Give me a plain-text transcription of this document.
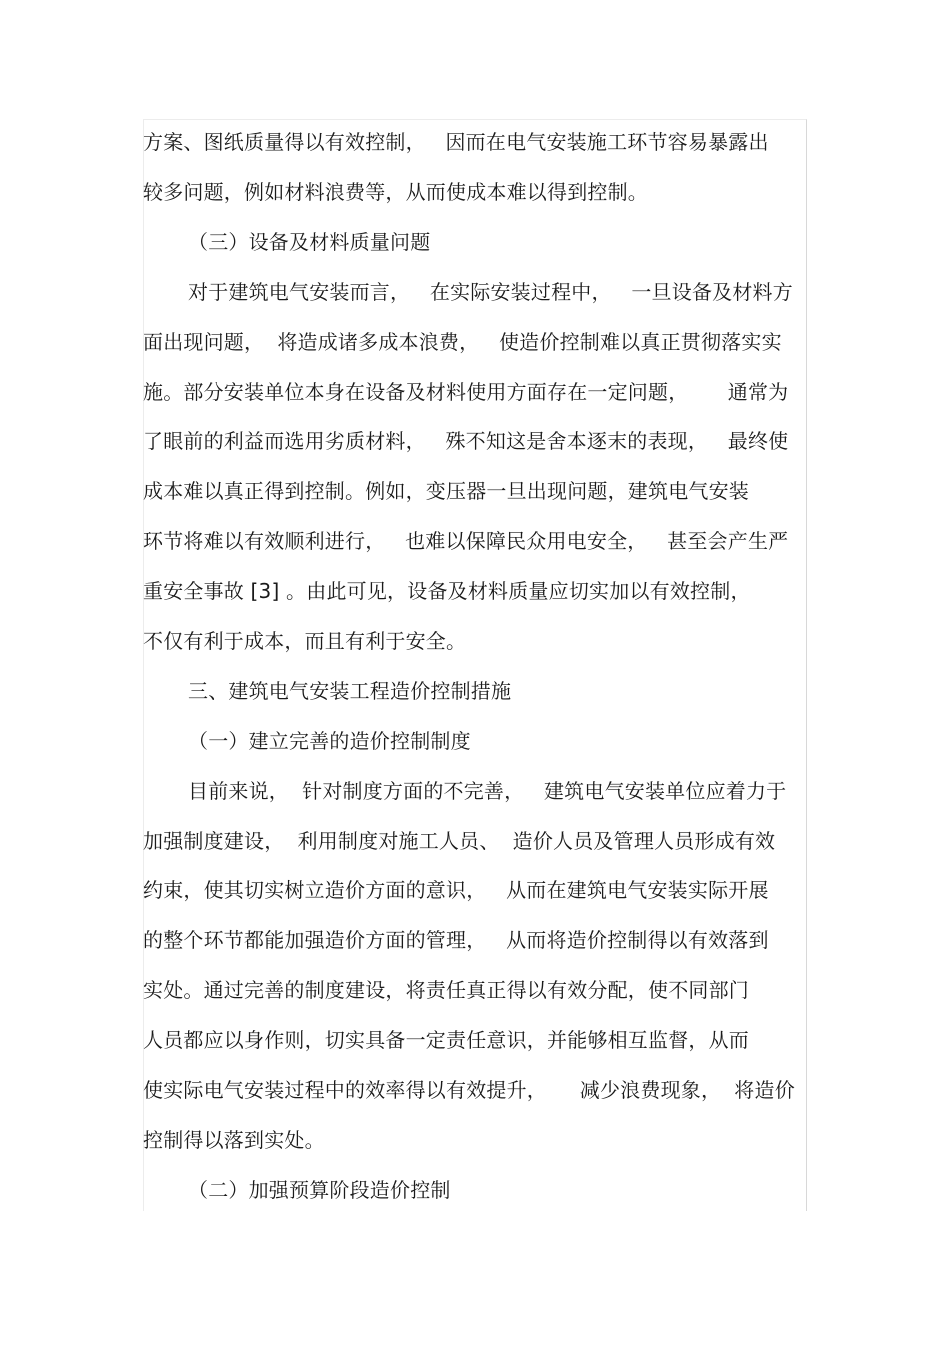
方案、图纸质量得以有效控制，   因而在电气安装施工环节容易暴露出
较多问题，例如材料浪费等，从而使成本难以得到控制。
（三）设备及材料质量问题
对于建筑电气安装而言，   在实际安装过程中，   一旦设备及材料方
面出现问题，  将造成诸多成本浪费，   使造价控制难以真正贯彻落实实
施。部分安装单位本身在设备及材料使用方面存在一定问题，      通常为
了眼前的利益而选用劣质材料，   殊不知这是舍本逐末的表现，   最终使
成本难以真正得到控制。例如，变压器一旦出现问题，建筑电气安装
环节将难以有效顺利进行，   也难以保障民众用电安全，   甚至会产生严
重安全事故 [3] 。由此可见，设备及材料质量应切实加以有效控制，
不仅有利于成本，而且有利于安全。
三、建筑电气安装工程造价控制措施
（一）建立完善的造价控制制度
目前来说，  针对制度方面的不完善，   建筑电气安装单位应着力于
加强制度建设，  利用制度对施工人员、  造价人员及管理人员形成有效
约束，使其切实树立造价方面的意识，   从而在建筑电气安装实际开展
的整个环节都能加强造价方面的管理，   从而将造价控制得以有效落到
实处。通过完善的制度建设，将责任真正得以有效分配，使不同部门
人员都应以身作则，切实具备一定责任意识，并能够相互监督，从而
使实际电气安装过程中的效率得以有效提升，     减少浪费现象，  将造价
控制得以落到实处。
（二）加强预算阶段造价控制
